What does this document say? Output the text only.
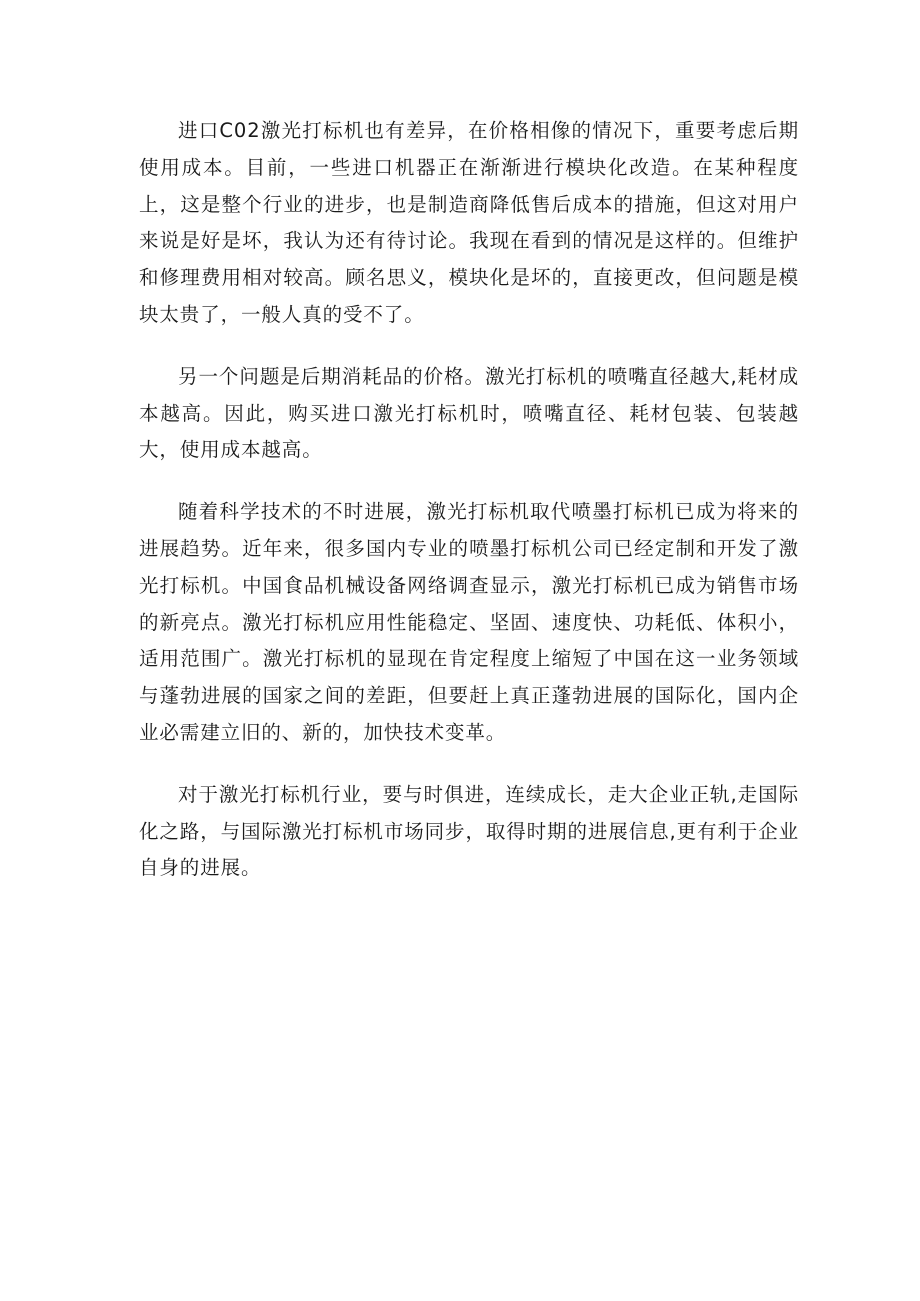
进口C02激光打标机也有差异，在价格相像的情况下，重要考虑后期使用成本。目前，一些进口机器正在渐渐进行模块化改造。在某种程度上，这是整个行业的进步，也是制造商降低售后成本的措施，但这对用户来说是好是坏，我认为还有待讨论。我现在看到的情况是这样的。但维护和修理费用相对较高。顾名思义，模块化是坏的，直接更改，但问题是模块太贵了，一般人真的受不了。

另一个问题是后期消耗品的价格。激光打标机的喷嘴直径越大,耗材成本越高。因此，购买进口激光打标机时，喷嘴直径、耗材包装、包装越大，使用成本越高。

随着科学技术的不时进展，激光打标机取代喷墨打标机已成为将来的进展趋势。近年来，很多国内专业的喷墨打标机公司已经定制和开发了激光打标机。中国食品机械设备网络调查显示，激光打标机已成为销售市场的新亮点。激光打标机应用性能稳定、坚固、速度快、功耗低、体积小，适用范围广。激光打标机的显现在肯定程度上缩短了中国在这一业务领域与蓬勃进展的国家之间的差距，但要赶上真正蓬勃进展的国际化，国内企业必需建立旧的、新的，加快技术变革。

对于激光打标机行业，要与时俱进，连续成长，走大企业正轨,走国际化之路，与国际激光打标机市场同步，取得时期的进展信息,更有利于企业自身的进展。
